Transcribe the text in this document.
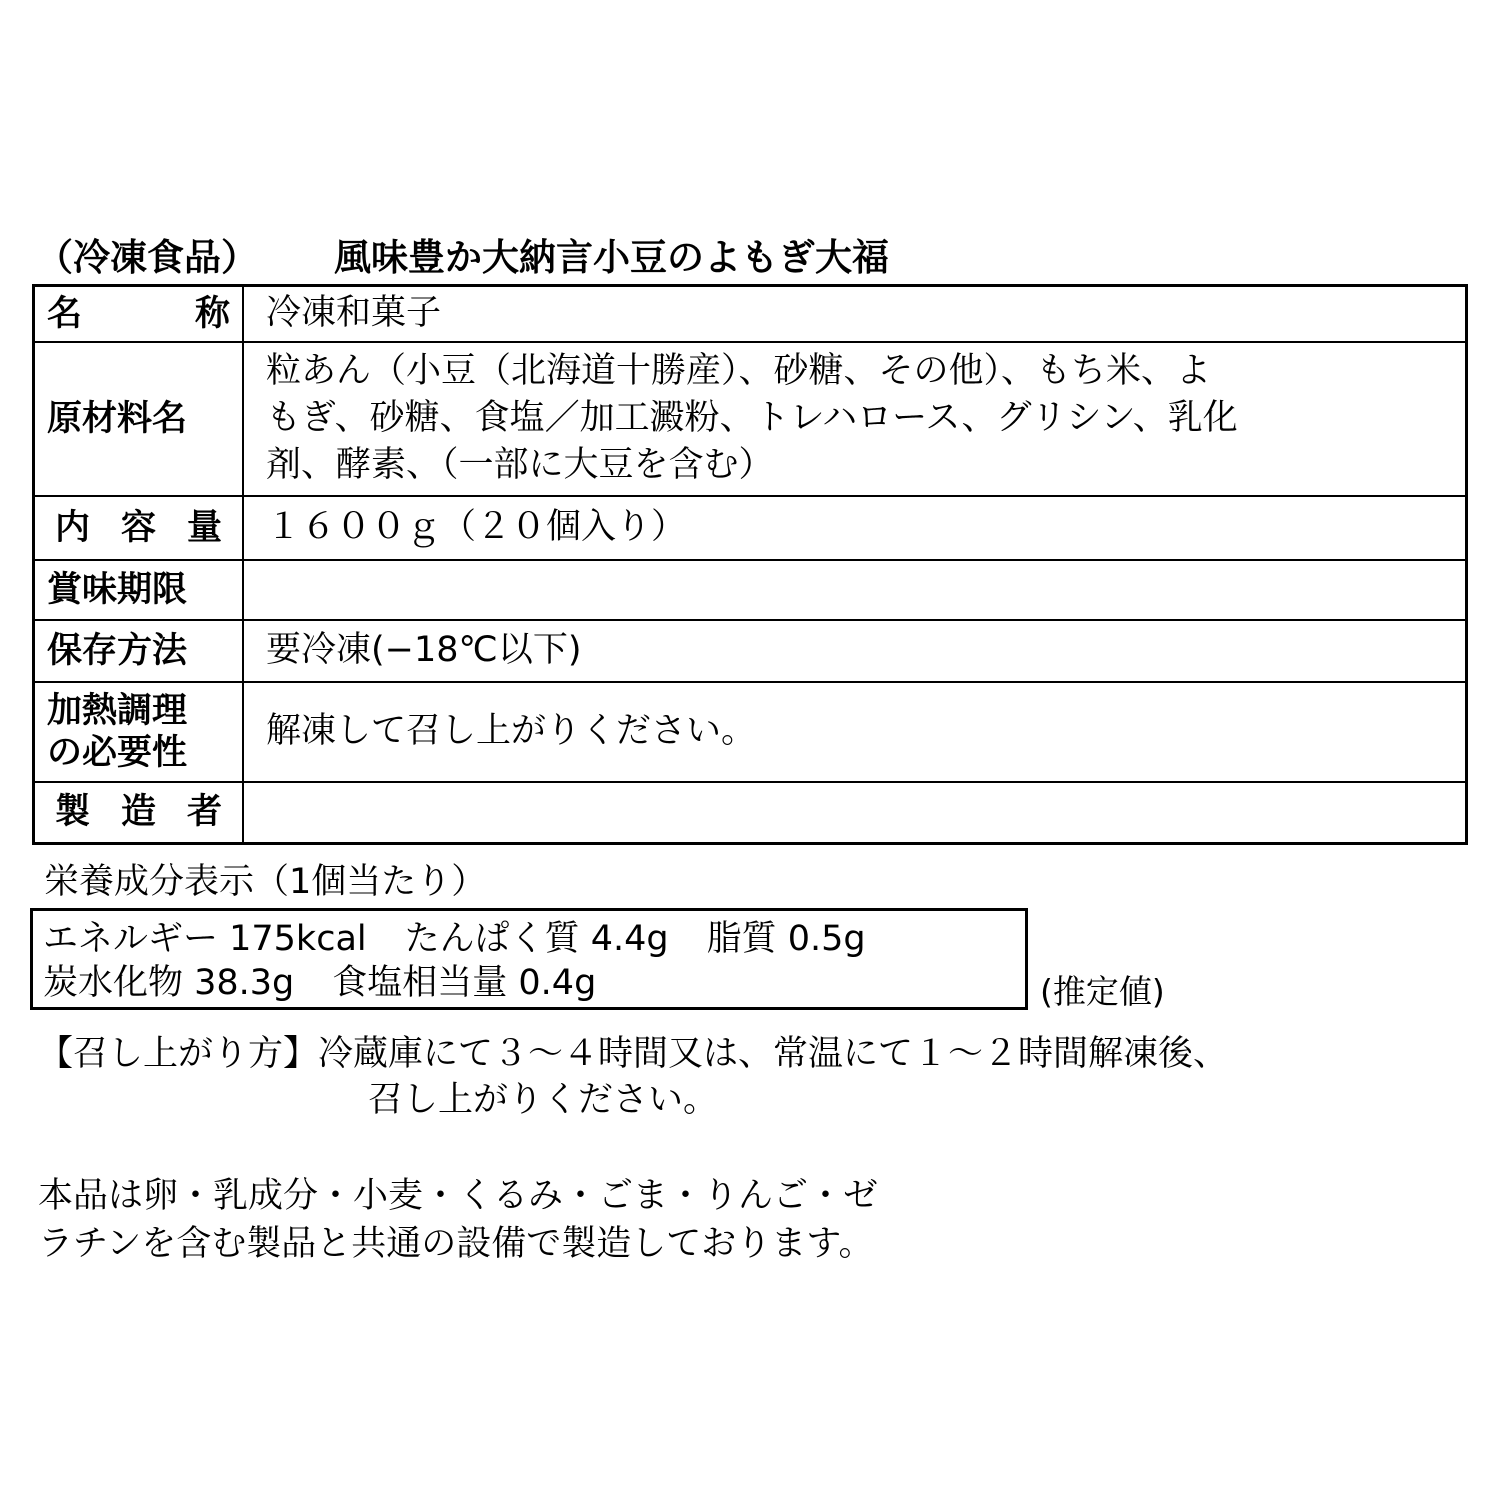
（冷凍食品） 風味豊か大納言小豆のよもぎ大福
名 称	冷凍和菓子
原材料名	粒あん（小豆（北海道十勝産）、砂糖、その他）、もち米、よ
もぎ、砂糖、食塩／加工澱粉、トレハロース、グリシン、乳化
剤、酵素、（一部に大豆を含む）

内 容 量	１６００ｇ（２０個入り）
賞味期限	
保存方法	要冷凍(−18℃以下)

加熱調理
の必要性	解凍して召し上がりください。

製 造 者	

栄養成分表示（1個当たり）
エネルギー 175kcal たんぱく質 4.4g 脂質 0.5g
炭水化物 38.3g 食塩相当量 0.4g	(推定値)
【召し上がり方】冷蔵庫にて３～４時間又は、常温にて１～２時間解凍後、
召し上がりください。
本品は卵・乳成分・小麦・くるみ・ごま・りんご・ゼ
ラチンを含む製品と共通の設備で製造しております。
